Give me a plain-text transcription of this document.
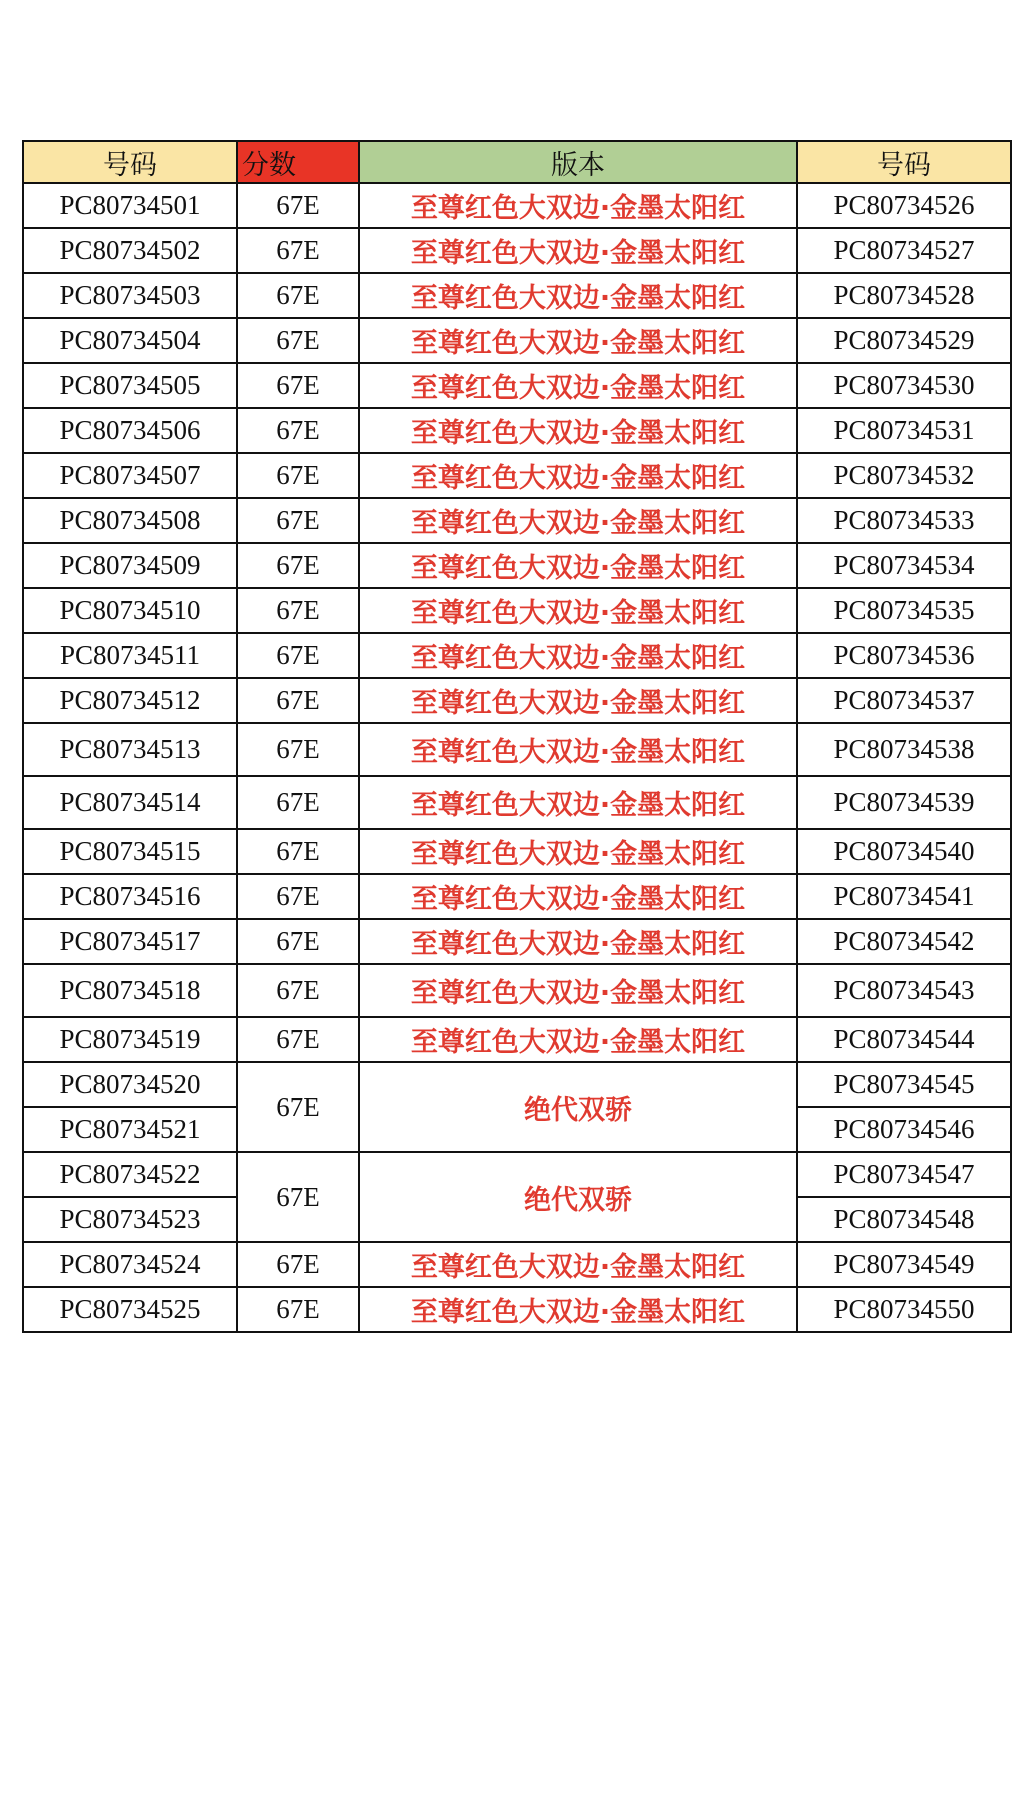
号码	分数	版本	号码	
PC80734501	67E	至尊红色大双边·金墨太阳红	PC80734526	
PC80734502	67E	至尊红色大双边·金墨太阳红	PC80734527	
PC80734503	67E	至尊红色大双边·金墨太阳红	PC80734528	
PC80734504	67E	至尊红色大双边·金墨太阳红	PC80734529	
PC80734505	67E	至尊红色大双边·金墨太阳红	PC80734530	
PC80734506	67E	至尊红色大双边·金墨太阳红	PC80734531	
PC80734507	67E	至尊红色大双边·金墨太阳红	PC80734532	
PC80734508	67E	至尊红色大双边·金墨太阳红	PC80734533	
PC80734509	67E	至尊红色大双边·金墨太阳红	PC80734534	
PC80734510	67E	至尊红色大双边·金墨太阳红	PC80734535	
PC80734511	67E	至尊红色大双边·金墨太阳红	PC80734536	
PC80734512	67E	至尊红色大双边·金墨太阳红	PC80734537	
PC80734513	67E	至尊红色大双边·金墨太阳红	PC80734538	
PC80734514	67E	至尊红色大双边·金墨太阳红	PC80734539	
PC80734515	67E	至尊红色大双边·金墨太阳红	PC80734540	
PC80734516	67E	至尊红色大双边·金墨太阳红	PC80734541	
PC80734517	67E	至尊红色大双边·金墨太阳红	PC80734542	
PC80734518	67E	至尊红色大双边·金墨太阳红	PC80734543	
PC80734519	67E	至尊红色大双边·金墨太阳红	PC80734544	
PC80734520	67E	绝代双骄	PC80734545	
PC80734521			PC80734546	
PC80734522	67E	绝代双骄	PC80734547	
PC80734523			PC80734548	
PC80734524	67E	至尊红色大双边·金墨太阳红	PC80734549	
PC80734525	67E	至尊红色大双边·金墨太阳红	PC80734550	
